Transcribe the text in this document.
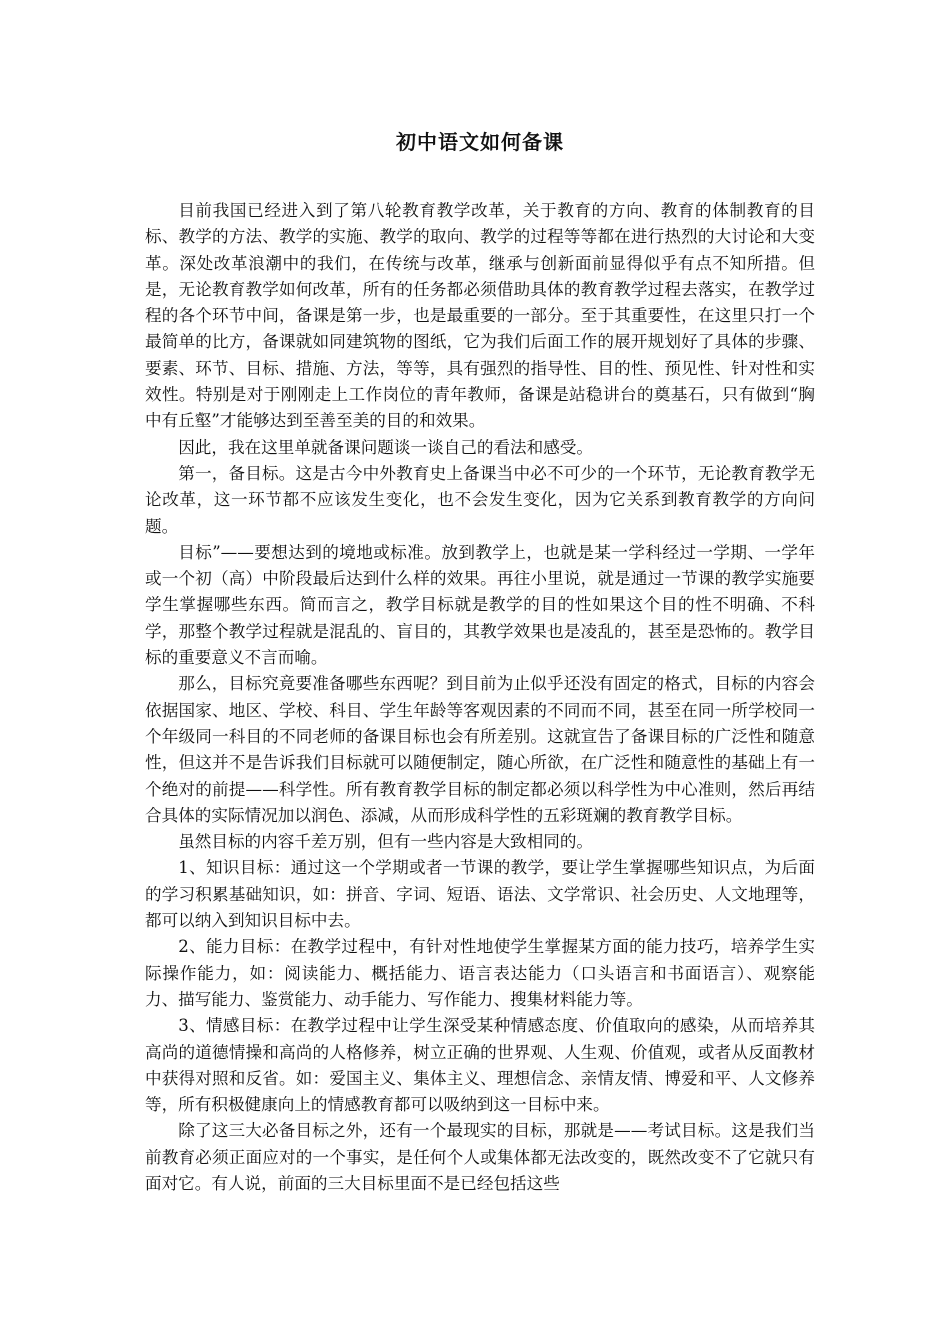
初中语文如何备课

目前我国已经进入到了第八轮教育教学改革，关于教育的方向、教育的体制教育的目标、教学的方法、教学的实施、教学的取向、教学的过程等等都在进行热烈的大讨论和大变革。深处改革浪潮中的我们，在传统与改革，继承与创新面前显得似乎有点不知所措。但是，无论教育教学如何改革，所有的任务都必须借助具体的教育教学过程去落实，在教学过程的各个环节中间，备课是第一步，也是最重要的一部分。至于其重要性，在这里只打一个最简单的比方，备课就如同建筑物的图纸，它为我们后面工作的展开规划好了具体的步骤、要素、环节、目标、措施、方法，等等，具有强烈的指导性、目的性、预见性、针对性和实效性。特别是对于刚刚走上工作岗位的青年教师，备课是站稳讲台的奠基石，只有做到“胸中有丘壑”才能够达到至善至美的目的和效果。

因此，我在这里单就备课问题谈一谈自己的看法和感受。

第一，备目标。这是古今中外教育史上备课当中必不可少的一个环节，无论教育教学无论改革，这一环节都不应该发生变化，也不会发生变化，因为它关系到教育教学的方向问题。

目标”——要想达到的境地或标准。放到教学上，也就是某一学科经过一学期、一学年或一个初（高）中阶段最后达到什么样的效果。再往小里说，就是通过一节课的教学实施要学生掌握哪些东西。简而言之，教学目标就是教学的目的性如果这个目的性不明确、不科学，那整个教学过程就是混乱的、盲目的，其教学效果也是凌乱的，甚至是恐怖的。教学目标的重要意义不言而喻。

那么，目标究竟要准备哪些东西呢？到目前为止似乎还没有固定的格式，目标的内容会依据国家、地区、学校、科目、学生年龄等客观因素的不同而不同，甚至在同一所学校同一个年级同一科目的不同老师的备课目标也会有所差别。这就宣告了备课目标的广泛性和随意性，但这并不是告诉我们目标就可以随便制定，随心所欲，在广泛性和随意性的基础上有一个绝对的前提——科学性。所有教育教学目标的制定都必须以科学性为中心准则，然后再结合具体的实际情况加以润色、添减，从而形成科学性的五彩斑斓的教育教学目标。

虽然目标的内容千差万别，但有一些内容是大致相同的。

1、知识目标：通过这一个学期或者一节课的教学，要让学生掌握哪些知识点，为后面的学习积累基础知识，如：拼音、字词、短语、语法、文学常识、社会历史、人文地理等，都可以纳入到知识目标中去。

2、能力目标：在教学过程中，有针对性地使学生掌握某方面的能力技巧，培养学生实际操作能力，如：阅读能力、概括能力、语言表达能力（口头语言和书面语言）、观察能力、描写能力、鉴赏能力、动手能力、写作能力、搜集材料能力等。

3、情感目标：在教学过程中让学生深受某种情感态度、价值取向的感染，从而培养其高尚的道德情操和高尚的人格修养，树立正确的世界观、人生观、价值观，或者从反面教材中获得对照和反省。如：爱国主义、集体主义、理想信念、亲情友情、博爱和平、人文修养等，所有积极健康向上的情感教育都可以吸纳到这一目标中来。

除了这三大必备目标之外，还有一个最现实的目标，那就是——考试目标。这是我们当前教育必须正面应对的一个事实，是任何个人或集体都无法改变的，既然改变不了它就只有面对它。有人说，前面的三大目标里面不是已经包括这些
